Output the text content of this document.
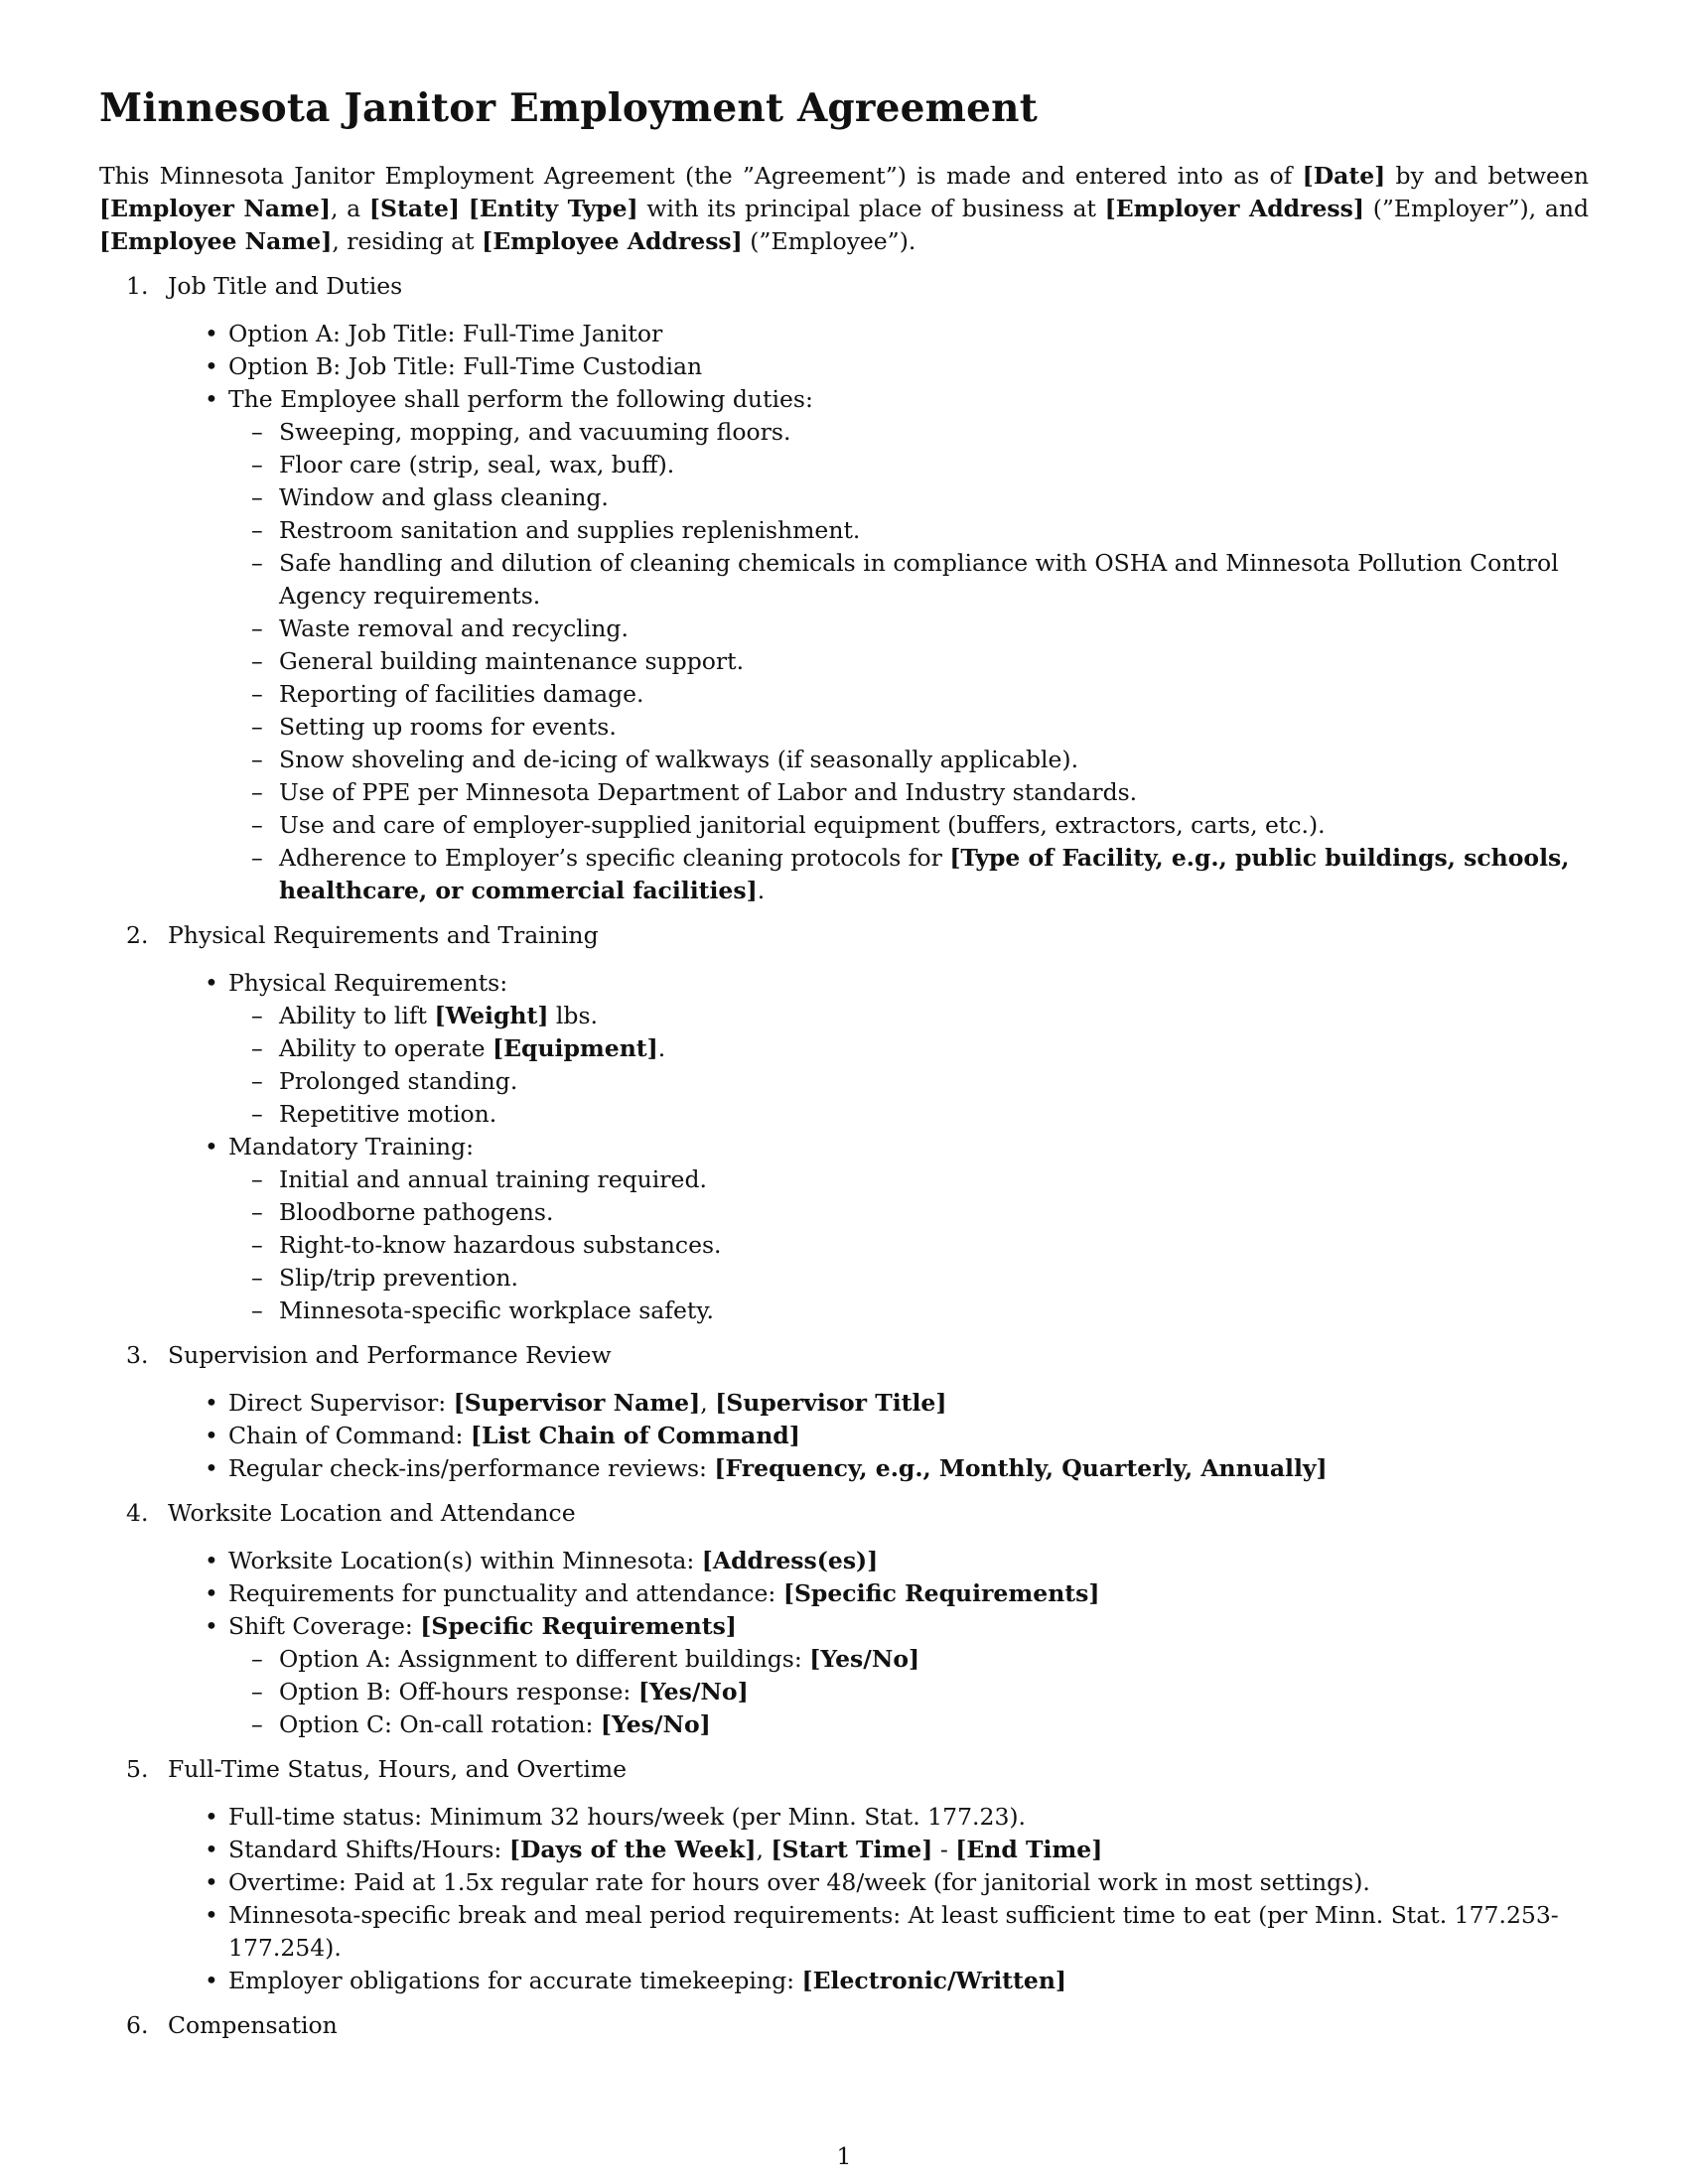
Minnesota Janitor Employment Agreement

This Minnesota Janitor Employment Agreement (the ”Agreement”) is made and entered into as of [Date] by and between [Employer Name], a [State] [Entity Type] with its principal place of business at [Employer Address] (”Employer”), and [Employee Name], residing at [Employee Address] (”Employee”).

1. Job Title and Duties
• Option A: Job Title: Full-Time Janitor
• Option B: Job Title: Full-Time Custodian
• The Employee shall perform the following duties:
– Sweeping, mopping, and vacuuming floors.
– Floor care (strip, seal, wax, buff).
– Window and glass cleaning.
– Restroom sanitation and supplies replenishment.
– Safe handling and dilution of cleaning chemicals in compliance with OSHA and Minnesota Pollution Control Agency requirements.
– Waste removal and recycling.
– General building maintenance support.
– Reporting of facilities damage.
– Setting up rooms for events.
– Snow shoveling and de-icing of walkways (if seasonally applicable).
– Use of PPE per Minnesota Department of Labor and Industry standards.
– Use and care of employer-supplied janitorial equipment (buffers, extractors, carts, etc.).
– Adherence to Employer’s specific cleaning protocols for [Type of Facility, e.g., public buildings, schools, healthcare, or commercial facilities].
2. Physical Requirements and Training
• Physical Requirements:
– Ability to lift [Weight] lbs.
– Ability to operate [Equipment].
– Prolonged standing.
– Repetitive motion.
• Mandatory Training:
– Initial and annual training required.
– Bloodborne pathogens.
– Right-to-know hazardous substances.
– Slip/trip prevention.
– Minnesota-specific workplace safety.
3. Supervision and Performance Review
• Direct Supervisor: [Supervisor Name], [Supervisor Title]
• Chain of Command: [List Chain of Command]
• Regular check-ins/performance reviews: [Frequency, e.g., Monthly, Quarterly, Annually]
4. Worksite Location and Attendance
• Worksite Location(s) within Minnesota: [Address(es)]
• Requirements for punctuality and attendance: [Specific Requirements]
• Shift Coverage: [Specific Requirements]
– Option A: Assignment to different buildings: [Yes/No]
– Option B: Off-hours response: [Yes/No]
– Option C: On-call rotation: [Yes/No]
5. Full-Time Status, Hours, and Overtime
• Full-time status: Minimum 32 hours/week (per Minn. Stat. 177.23).
• Standard Shifts/Hours: [Days of the Week], [Start Time] - [End Time]
• Overtime: Paid at 1.5x regular rate for hours over 48/week (for janitorial work in most settings).
• Minnesota-specific break and meal period requirements: At least sufficient time to eat (per Minn. Stat. 177.253-177.254).
• Employer obligations for accurate timekeeping: [Electronic/Written]
6. Compensation
1
